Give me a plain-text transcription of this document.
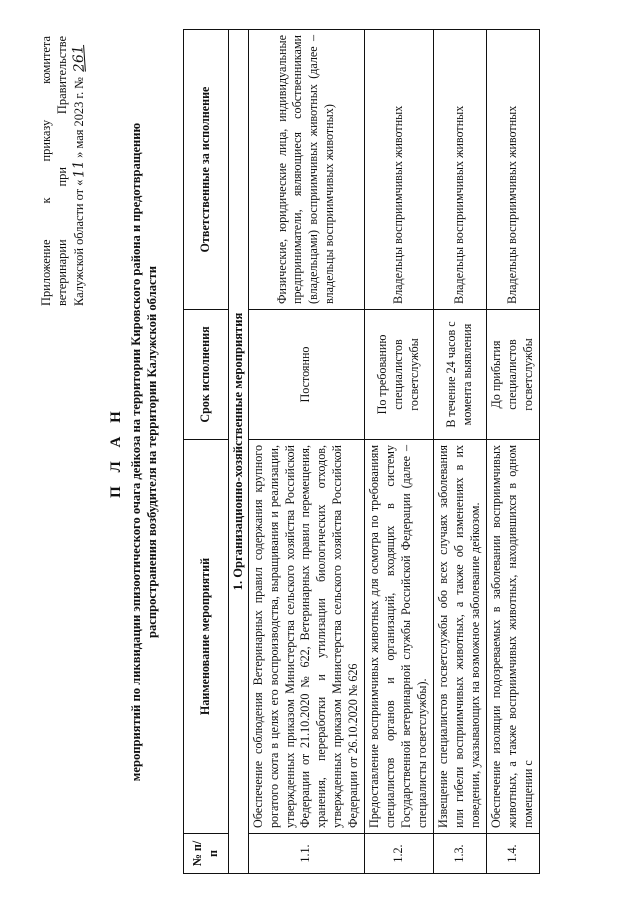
Приложение
к
приказу
комитета
ветеринарии
при
Правительстве
Калужской области от «11» мая 2023 г. № 261
П Л А Н мероприятий по ликвидации эпизоотического очага дейкоза на территории Кировского района и предотвращению распространения возбудителя на территории Калужской области
№ п/п	Наименование мероприятий	Срок исполнения	Ответственные за исполнение
1. Организационно-хозяйственные мероприятия			
1.1.	Обеспечение соблюдения Ветеринарных правил содержания крупного рогатого скота в целях его воспроизводства, выращивания и реализации, утвержденных приказом Министерства сельского хозяйства Российской Федерации от 21.10.2020 № 622, Ветеринарных правил перемещения, хранения, переработки и утилизации биологических отходов, утвержденных приказом Министерства сельского хозяйства Российской Федерации от 26.10.2020 № 626	Постоянно	Физические, юридические лица, индивидуальные предприниматели, являющиеся собственниками (владельцами) восприимчивых животных (далее – владельцы восприимчивых животных)
1.2.	Предоставление восприимчивых животных для осмотра по требованиям специалистов органов и организаций, входящих в систему Государственной ветеринарной службы Российской Федерации (далее – специалисты госветслужбы).	По требованию специалистов госветслужбы	Владельцы восприимчивых животных
1.3.	Извещение специалистов госветслужбы обо всех случаях заболевания или гибели восприимчивых животных, а также об изменениях в их поведении, указывающих на возможное заболевание дейкозом.	В течение 24 часов с момента выявления	Владельцы восприимчивых животных
1.4.	Обеспечение изоляции подозреваемых в заболевании восприимчивых животных, а также восприимчивых животных, находившихся в одном помещении с	До прибытия специалистов госветслужбы	Владельцы восприимчивых животных
